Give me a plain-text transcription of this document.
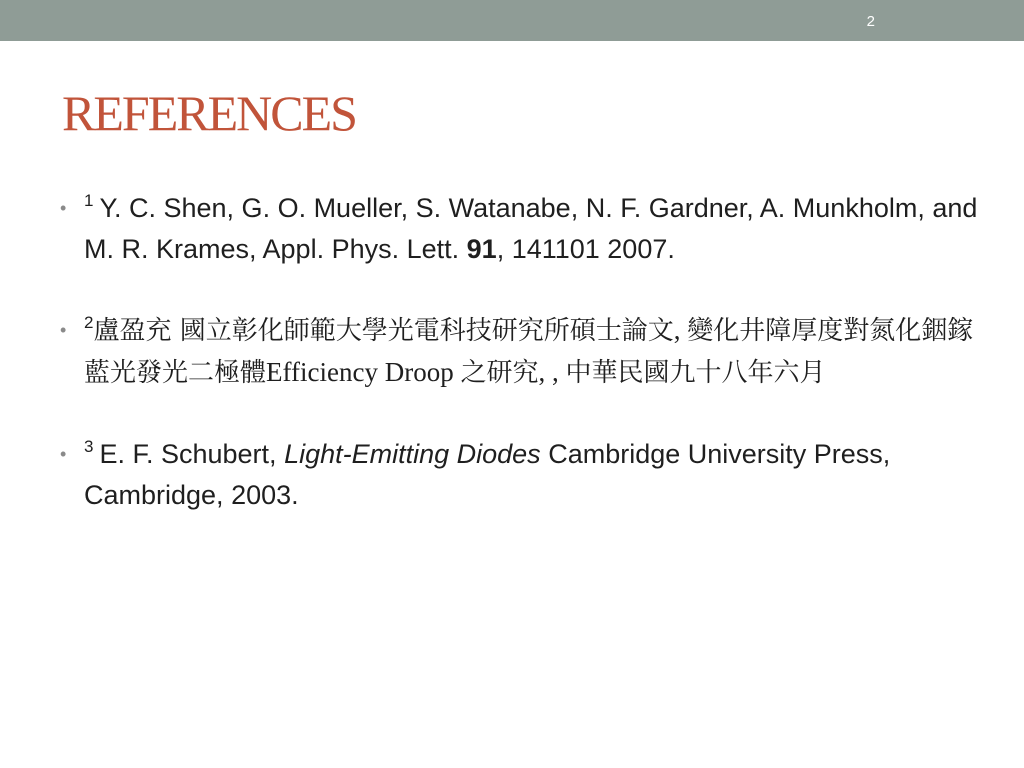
2
REFERENCES
• $^1$ Y. C. Shen, G. O. Mueller, S. Watanabe, N. F. Gardner, A. Munkholm, and M. R. Krames, Appl. Phys. Lett. 91, 141101 2007.
• $^2$盧盈充 國立彰化師範大學光電科技研究所碩士論文, 變化井障厚度對氮化銦鎵藍光發光二極體Efficiency Droop 之研究, , 中華民國九十八年六月
• $^3$ E. F. Schubert, Light-Emitting Diodes Cambridge University Press, Cambridge, 2003.
